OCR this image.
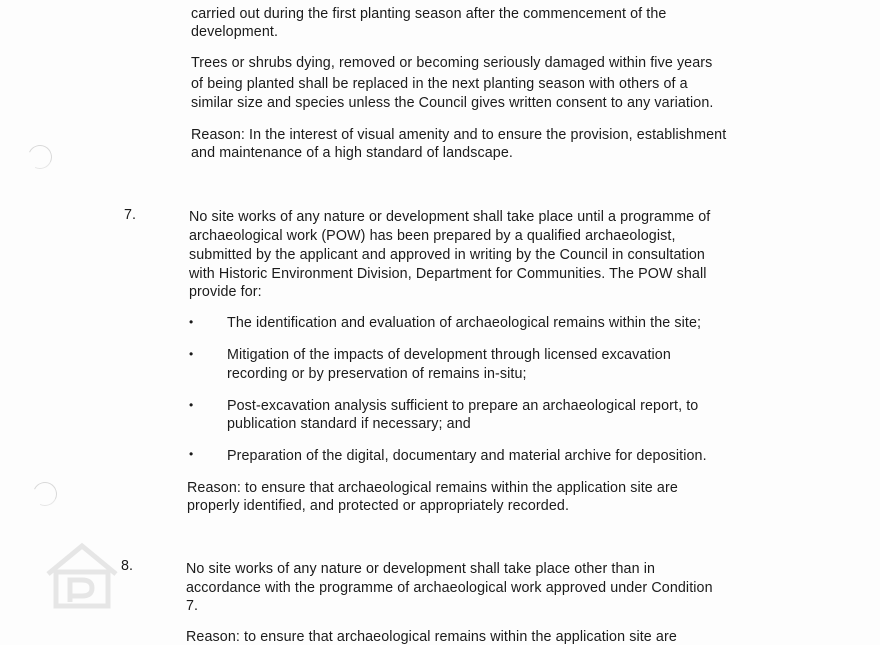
carried out during the first planting season after the commencement of the
development.
Trees or shrubs dying, removed or becoming seriously damaged within five years
of being planted shall be replaced in the next planting season with others of a
similar size and species unless the Council gives written consent to any variation.
Reason: In the interest of visual amenity and to ensure the provision, establishment
and maintenance of a high standard of landscape.
7.	No site works of any nature or development shall take place until a programme of
archaeological work (POW) has been prepared by a qualified archaeologist,
submitted by the applicant and approved in writing by the Council in consultation
with Historic Environment Division, Department for Communities. The POW shall
provide for:
• The identification and evaluation of archaeological remains within the site;
• Mitigation of the impacts of development through licensed excavation
recording or by preservation of remains in-situ;
• Post-excavation analysis sufficient to prepare an archaeological report, to
publication standard if necessary; and
• Preparation of the digital, documentary and material archive for deposition.
Reason: to ensure that archaeological remains within the application site are
properly identified, and protected or appropriately recorded.
8.	No site works of any nature or development shall take place other than in
accordance with the programme of archaeological work approved under Condition
7.
Reason: to ensure that archaeological remains within the application site are
